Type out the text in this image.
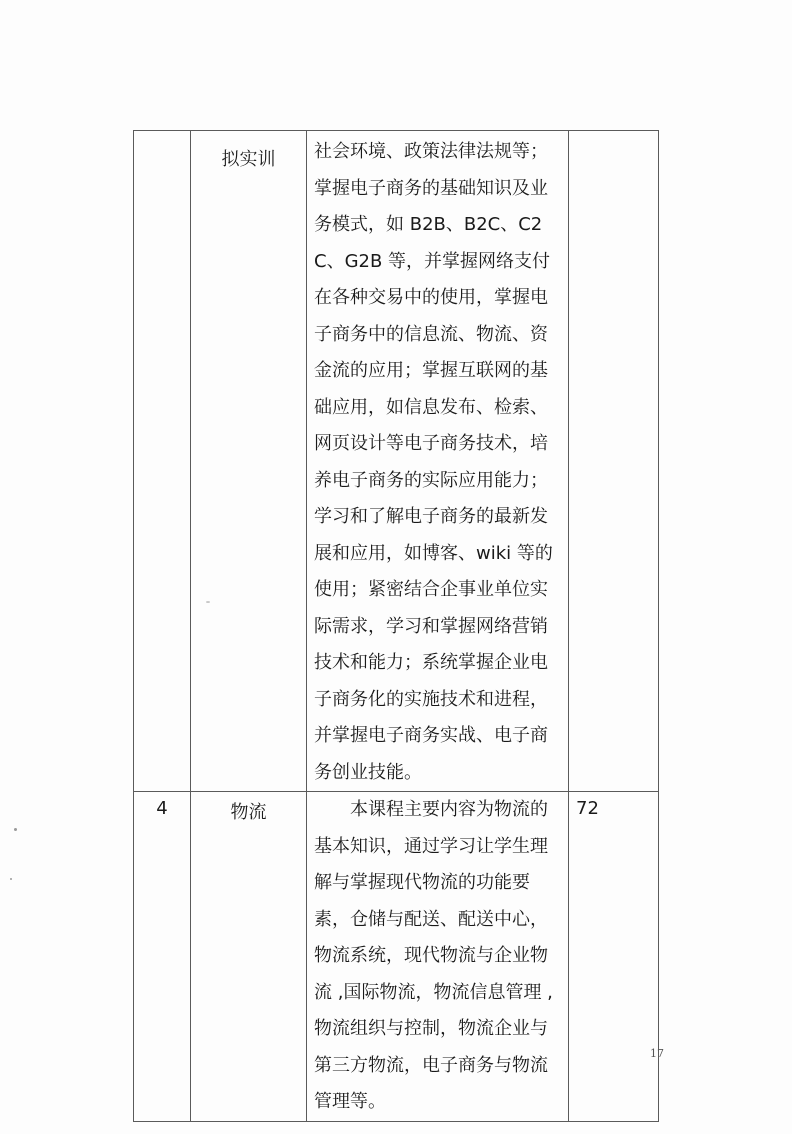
	拟实训	社会环境、政策法律法规等；掌握电子商务的基础知识及业务模式，如 B2B、B2C、C2C、G2B 等，并掌握网络支付在各种交易中的使用，掌握电子商务中的信息流、物流、资金流的应用；掌握互联网的基础应用，如信息发布、检索、网页设计等电子商务技术，培养电子商务的实际应用能力；学习和了解电子商务的最新发展和应用，如博客、wiki 等的使用；紧密结合企事业单位实际需求，学习和掌握网络营销技术和能力；系统掌握企业电子商务化的实施技术和进程，并掌握电子商务实战、电子商务创业技能。	
4	物流	本课程主要内容为物流的基本知识，通过学习让学生理解与掌握现代物流的功能要素，仓储与配送、配送中心，物流系统，现代物流与企业物流 ,国际物流，物流信息管理 ,物流组织与控制，物流企业与第三方物流，电子商务与物流管理等。	72
17
